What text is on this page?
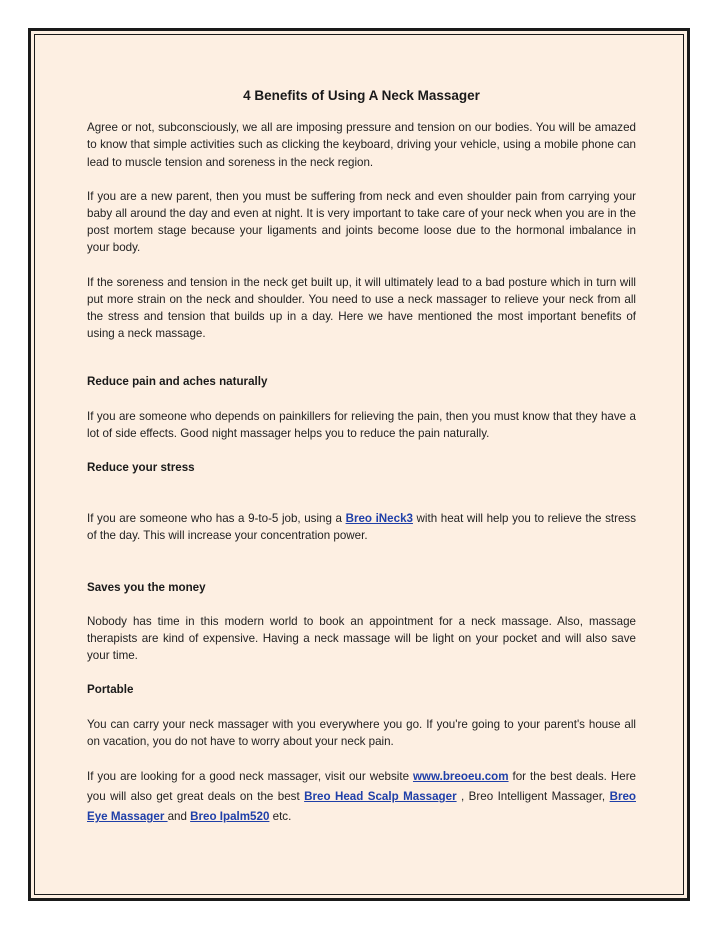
4 Benefits of Using A Neck Massager

Agree or not, subconsciously, we all are imposing pressure and tension on our bodies. You will be amazed to know that simple activities such as clicking the keyboard, driving your vehicle, using a mobile phone can lead to muscle tension and soreness in the neck region.

If you are a new parent, then you must be suffering from neck and even shoulder pain from carrying your baby all around the day and even at night. It is very important to take care of your neck when you are in the post mortem stage because your ligaments and joints become loose due to the hormonal imbalance in your body.

If the soreness and tension in the neck get built up, it will ultimately lead to a bad posture which in turn will put more strain on the neck and shoulder. You need to use a neck massager to relieve your neck from all the stress and tension that builds up in a day. Here we have mentioned the most important benefits of using a neck massage.

Reduce pain and aches naturally

If you are someone who depends on painkillers for relieving the pain, then you must know that they have a lot of side effects. Good night massager helps you to reduce the pain naturally.

Reduce your stress

If you are someone who has a 9-to-5 job, using a Breo iNeck3 with heat will help you to relieve the stress of the day. This will increase your concentration power.

Saves you the money

Nobody has time in this modern world to book an appointment for a neck massage. Also, massage therapists are kind of expensive. Having a neck massage will be light on your pocket and will also save your time.

Portable

You can carry your neck massager with you everywhere you go. If you're going to your parent's house all on vacation, you do not have to worry about your neck pain.

If you are looking for a good neck massager, visit our website www.breoeu.com for the best deals. Here you will also get great deals on the best Breo Head Scalp Massager , Breo Intelligent Massager, Breo Eye Massager and Breo Ipalm520 etc.
